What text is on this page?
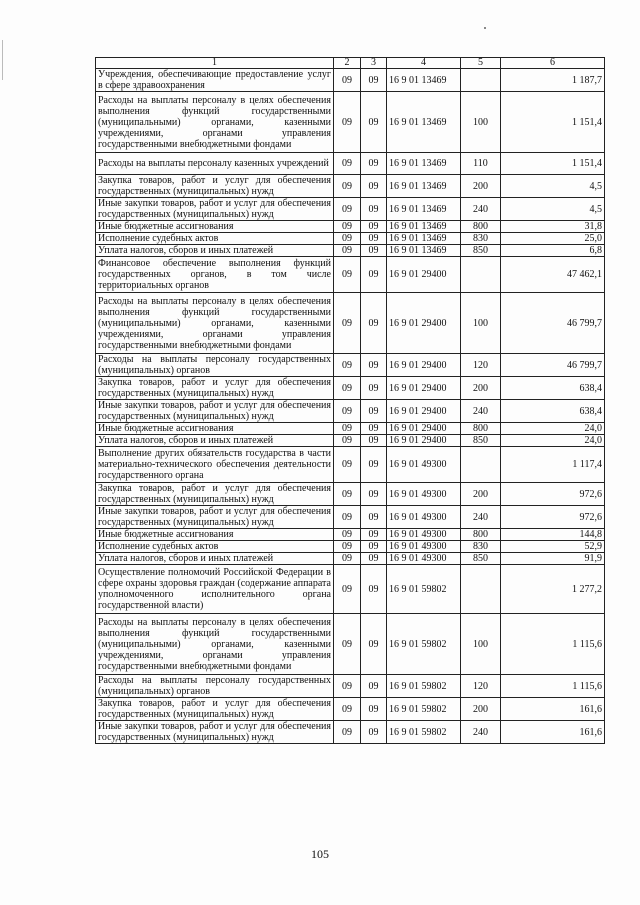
1	2	3	4	5	6
Учреждения, обеспечивающие предоставление услуг в сфере здравоохранения	09	09	16 9 01 13469		1 187,7
Расходы на выплаты персоналу в целях обеспечения выполнения функций государственными (муниципальными) органами, казенными учреждениями, органами управления государственными внебюджетными фондами	09	09	16 9 01 13469	100	1 151,4
Расходы на выплаты персоналу казенных учреждений	09	09	16 9 01 13469	110	1 151,4
Закупка товаров, работ и услуг для обеспечения государственных (муниципальных) нужд	09	09	16 9 01 13469	200	4,5
Иные закупки товаров, работ и услуг для обеспечения государственных (муниципальных) нужд	09	09	16 9 01 13469	240	4,5
Иные бюджетные ассигнования	09	09	16 9 01 13469	800	31,8
Исполнение судебных актов	09	09	16 9 01 13469	830	25,0
Уплата налогов, сборов и иных платежей	09	09	16 9 01 13469	850	6,8
Финансовое обеспечение выполнения функций государственных органов, в том числе территориальных органов	09	09	16 9 01 29400		47 462,1
Расходы на выплаты персоналу в целях обеспечения выполнения функций государственными (муниципальными) органами, казенными учреждениями, органами управления государственными внебюджетными фондами	09	09	16 9 01 29400	100	46 799,7
Расходы на выплаты персоналу государственных (муниципальных) органов	09	09	16 9 01 29400	120	46 799,7
Закупка товаров, работ и услуг для обеспечения государственных (муниципальных) нужд	09	09	16 9 01 29400	200	638,4
Иные закупки товаров, работ и услуг для обеспечения государственных (муниципальных) нужд	09	09	16 9 01 29400	240	638,4
Иные бюджетные ассигнования	09	09	16 9 01 29400	800	24,0
Уплата налогов, сборов и иных платежей	09	09	16 9 01 29400	850	24,0
Выполнение других обязательств государства в части материально-технического обеспечения деятельности государственного органа	09	09	16 9 01 49300		1 117,4
Закупка товаров, работ и услуг для обеспечения государственных (муниципальных) нужд	09	09	16 9 01 49300	200	972,6
Иные закупки товаров, работ и услуг для обеспечения государственных (муниципальных) нужд	09	09	16 9 01 49300	240	972,6
Иные бюджетные ассигнования	09	09	16 9 01 49300	800	144,8
Исполнение судебных актов	09	09	16 9 01 49300	830	52,9
Уплата налогов, сборов и иных платежей	09	09	16 9 01 49300	850	91,9
Осуществление полномочий Российской Федерации в сфере охраны здоровья граждан (содержание аппарата уполномоченного исполнительного органа государственной власти)	09	09	16 9 01 59802		1 277,2
Расходы на выплаты персоналу в целях обеспечения выполнения функций государственными (муниципальными) органами, казенными учреждениями, органами управления государственными внебюджетными фондами	09	09	16 9 01 59802	100	1 115,6
Расходы на выплаты персоналу государственных (муниципальных) органов	09	09	16 9 01 59802	120	1 115,6
Закупка товаров, работ и услуг для обеспечения государственных (муниципальных) нужд	09	09	16 9 01 59802	200	161,6
Иные закупки товаров, работ и услуг для обеспечения государственных (муниципальных) нужд	09	09	16 9 01 59802	240	161,6
105
